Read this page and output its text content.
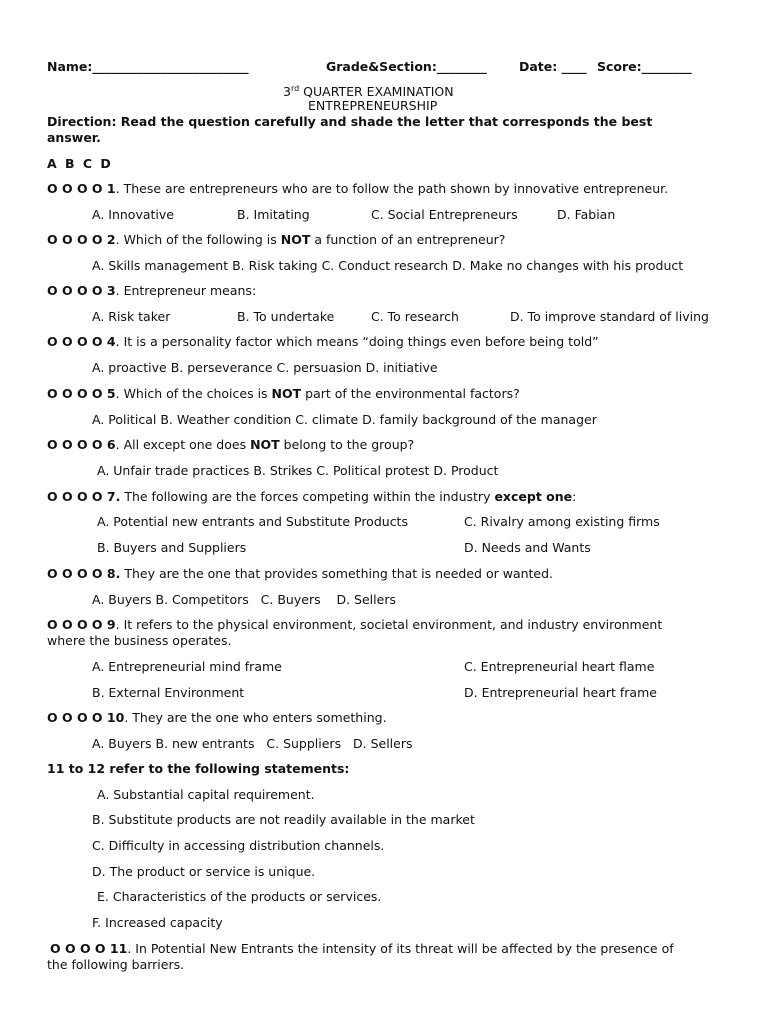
Name:_________________________	Grade&Section:________	Date: ____ Score:________
3rd QUARTER EXAMINATION
ENTREPRENEURSHIP
Direction: Read the question carefully and shade the letter that corresponds the best
answer.
A B C D
O O O O 1. These are entrepreneurs who are to follow the path shown by innovative entrepreneur.
A. Innovative	B. Imitating	C. Social Entrepreneurs	D. Fabian
O O O O 2. Which of the following is NOT a function of an entrepreneur?
A. Skills management B. Risk taking C. Conduct research D. Make no changes with his product
O O O O 3. Entrepreneur means:
A. Risk taker	B. To undertake	C. To research	D. To improve standard of living
O O O O 4. It is a personality factor which means “doing things even before being told”
A. proactive B. perseverance C. persuasion D. initiative
O O O O 5. Which of the choices is NOT part of the environmental factors?
A. Political B. Weather condition C. climate D. family background of the manager
O O O O 6. All except one does NOT belong to the group?
A. Unfair trade practices B. Strikes C. Political protest D. Product
O O O O 7. The following are the forces competing within the industry except one:
A. Potential new entrants and Substitute Products	C. Rivalry among existing firms
B. Buyers and Suppliers	D. Needs and Wants
O O O O 8. They are the one that provides something that is needed or wanted.
A. Buyers B. Competitors   C. Buyers    D. Sellers
O O O O 9. It refers to the physical environment, societal environment, and industry environment
where the business operates.
A. Entrepreneurial mind frame	C. Entrepreneurial heart flame
B. External Environment	D. Entrepreneurial heart frame
O O O O 10. They are the one who enters something.
A. Buyers B. new entrants   C. Suppliers   D. Sellers
11 to 12 refer to the following statements:
A. Substantial capital requirement.
B. Substitute products are not readily available in the market
C. Difficulty in accessing distribution channels.
D. The product or service is unique.
E. Characteristics of the products or services.
F. Increased capacity
O O O O 11. In Potential New Entrants the intensity of its threat will be affected by the presence of
the following barriers.
